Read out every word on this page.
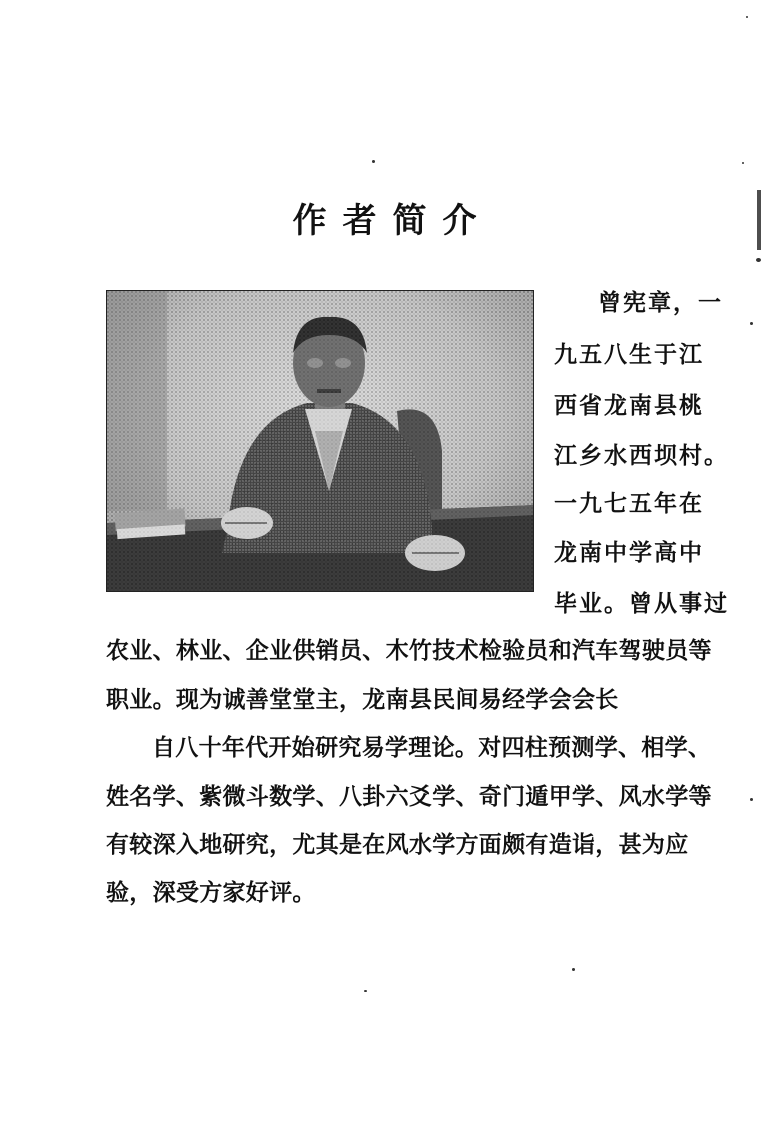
作者简介
曾宪章，一
九五八生于江
西省龙南县桃
江乡水西坝村。
一九七五年在
龙南中学高中
毕业。曾从事过
农业、林业、企业供销员、木竹技术检验员和汽车驾驶员等
职业。现为诚善堂堂主，龙南县民间易经学会会长
自八十年代开始研究易学理论。对四柱预测学、相学、
姓名学、紫微斗数学、八卦六爻学、奇门遁甲学、风水学等
有较深入地研究，尤其是在风水学方面颇有造诣，甚为应
验，深受方家好评。
